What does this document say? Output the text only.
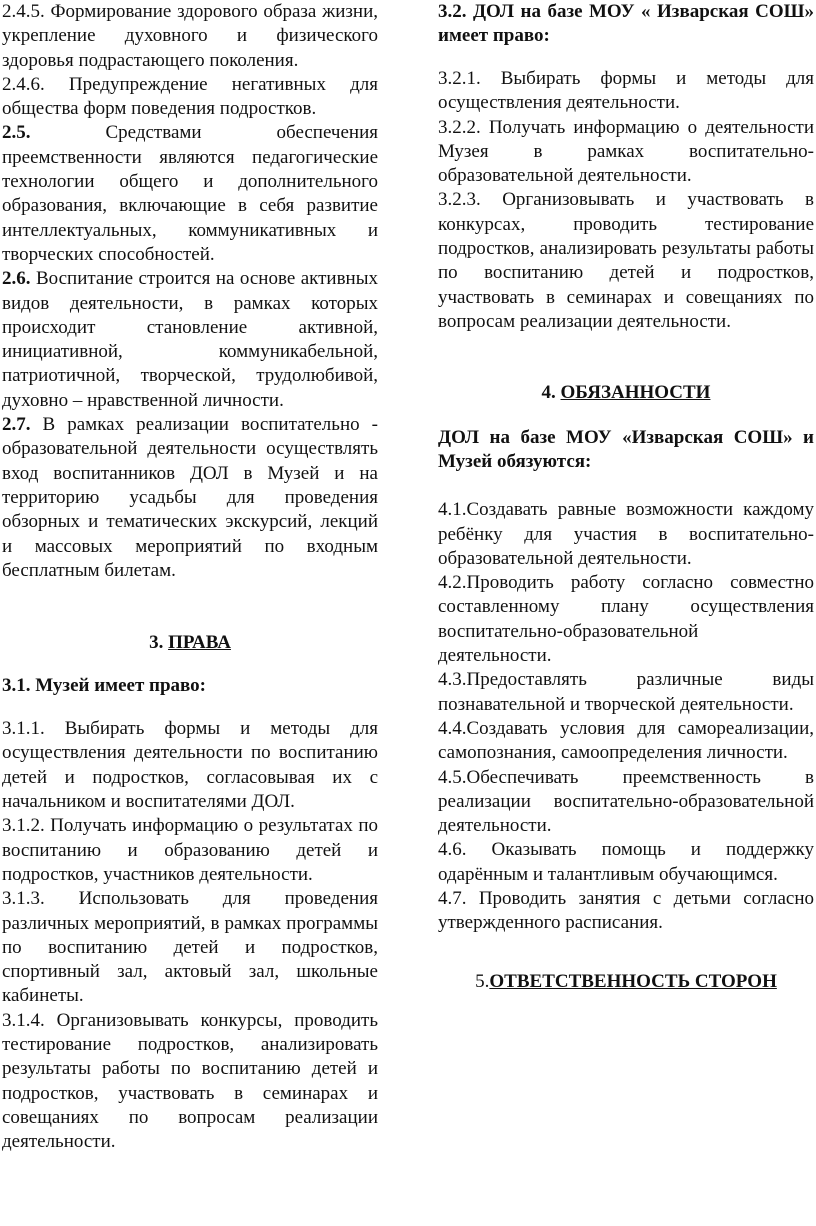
2.4.5. Формирование здорового образа жизни, укрепление духовного и физического здоровья подрастающего поколения.

2.4.6. Предупреждение негативных для общества форм поведения подростков.

2.5. Средствами обеспечения преемственности являются педагогические технологии общего и дополнительного образования, включающие в себя развитие интеллектуальных, коммуникативных и творческих способностей.

2.6. Воспитание строится на основе активных видов деятельности, в рамках которых происходит становление активной, инициативной, коммуникабельной, патриотичной, творческой, трудолюбивой, духовно – нравственной личности.

2.7. В рамках реализации воспитательно - образовательной деятельности осуществлять вход воспитанников ДОЛ в Музей и на территорию усадьбы для проведения обзорных и тематических экскурсий, лекций и массовых мероприятий по входным бесплатным билетам.

3. ПРАВА

3.1. Музей имеет право:

3.1.1. Выбирать формы и методы для осуществления деятельности по воспитанию детей и подростков, согласовывая их с начальником и воспитателями ДОЛ.

3.1.2. Получать информацию о результатах по воспитанию и образованию детей и подростков, участников деятельности.

3.1.3. Использовать для проведения различных мероприятий, в рамках программы по воспитанию детей и подростков, спортивный зал, актовый зал, школьные кабинеты.

3.1.4. Организовывать конкурсы, проводить тестирование подростков, анализировать результаты работы по воспитанию детей и подростков, участвовать в семинарах и совещаниях по вопросам реализации деятельности.

3.2. ДОЛ на базе МОУ « Изварская СОШ» имеет право:

3.2.1. Выбирать формы и методы для осуществления деятельности.

3.2.2. Получать информацию о деятельности Музея в рамках воспитательно-образовательной деятельности.

3.2.3. Организовывать и участвовать в конкурсах, проводить тестирование подростков, анализировать результаты работы по воспитанию детей и подростков, участвовать в семинарах и совещаниях по вопросам реализации деятельности.

4. ОБЯЗАННОСТИ

ДОЛ на базе МОУ «Изварская СОШ» и Музей обязуются:

4.1.Создавать равные возможности каждому ребёнку для участия в воспитательно-образовательной деятельности.

4.2.Проводить работу согласно совместно составленному плану осуществления воспитательно-образовательной деятельности.

4.3.Предоставлять различные виды познавательной и творческой деятельности.

4.4.Создавать условия для самореализации, самопознания, самоопределения личности.

4.5.Обеспечивать преемственность в реализации воспитательно-образовательной деятельности.

4.6. Оказывать помощь и поддержку одарённым и талантливым обучающимся.

4.7. Проводить занятия с детьми согласно утвержденного расписания.

5.ОТВЕТСТВЕННОСТЬ СТОРОН
